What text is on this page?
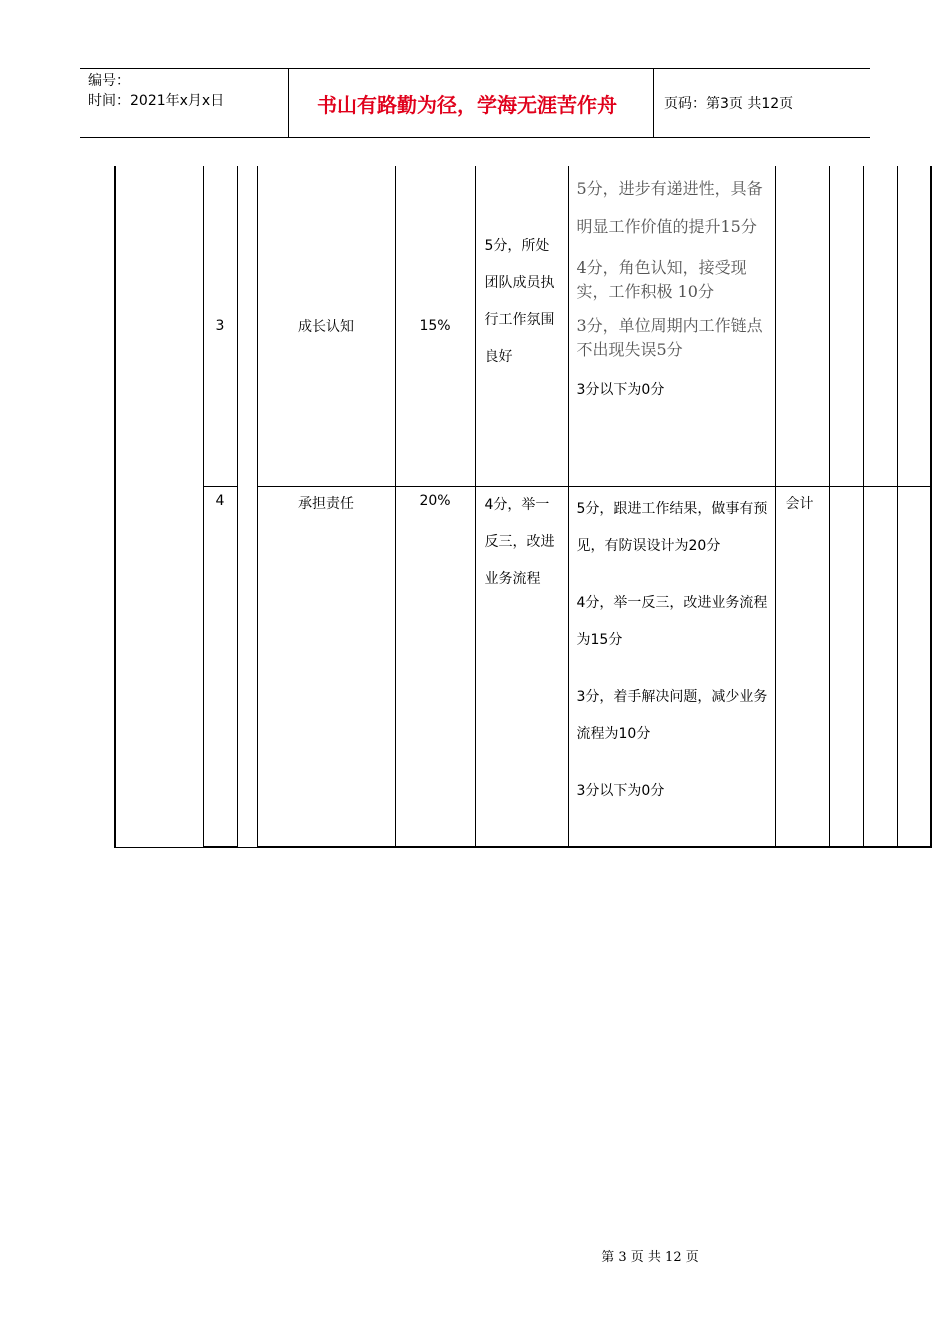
编号：
时间：2021年x月x日	书山有路勤为径，学海无涯苦作舟	页码：第3页 共12页
	3		成长认知	15%	5分，所处团队成员执行工作氛围良好	5分，进步有递进性，具备明显工作价值的提升15分

4分，角色认知，接受现实，工作积极 10分

3分，单位周期内工作链点不出现失误5分

3分以下为0分				

	4		承担责任	20%	4分，举一反三，改进业务流程	5分，跟进工作结果，做事有预见，有防误设计为20分

4分，举一反三，改进业务流程为15分

3分，着手解决问题，减少业务流程为10分

3分以下为0分	会计			
第 3 页 共 12 页
